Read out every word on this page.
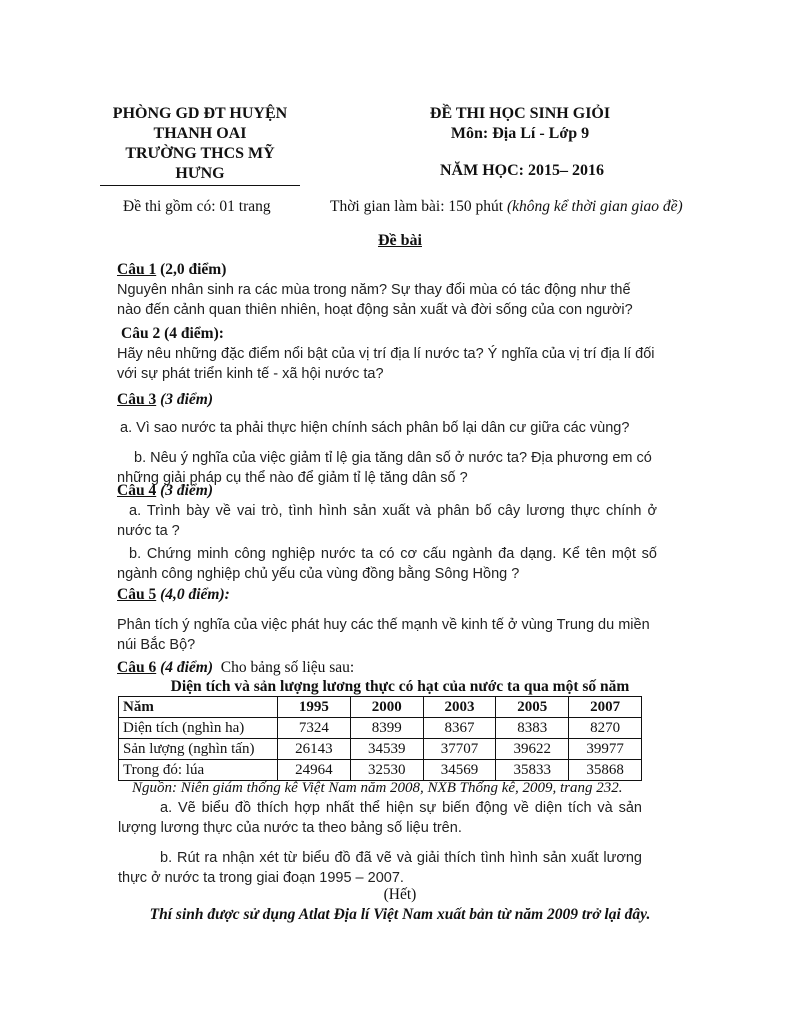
PHÒNG GD ĐT HUYỆN
THANH OAI
TRƯỜNG THCS MỸ HƯNG
ĐỀ THI HỌC SINH GIỎI
Môn: Địa Lí - Lớp 9
NĂM HỌC: 2015– 2016
Đề thi gồm có: 01 trang	Thời gian làm bài: 150 phút (không kể thời gian giao đề)
Đề bài
Câu 1 (2,0 điểm)

Nguyên nhân sinh ra các mùa trong năm? Sự thay đổi mùa có tác động như thế nào đến cảnh quan thiên nhiên, hoạt động sản xuất và đời sống của con người?

Câu 2 (4 điểm):

Hãy nêu những đặc điểm nổi bật của vị trí địa lí nước ta? Ý nghĩa của vị trí địa lí đối với sự phát triển kinh tế - xã hội nước ta?

Câu 3 (3 điểm)

a. Vì sao nước ta phải thực hiện chính sách phân bố lại dân cư giữa các vùng?

b. Nêu ý nghĩa của việc giảm tỉ lệ gia tăng dân số ở nước ta? Địa phương em có những giải pháp cụ thể nào để giảm tỉ lệ tăng dân số ?

Câu 4 (3 điểm)

a. Trình bày về vai trò, tình hình sản xuất và phân bố cây lương thực chính ở nước ta ?

b. Chứng minh công nghiệp nước ta có cơ cấu ngành đa dạng. Kể tên một số ngành công nghiệp chủ yếu của vùng đồng bằng Sông Hồng ?

Câu 5 (4,0 điểm):

Phân tích ý nghĩa của việc phát huy các thế mạnh về kinh tế ở vùng Trung du miền núi Bắc Bộ?

Câu 6 (4 điểm) Cho bảng số liệu sau:
Diện tích và sản lượng lương thực có hạt của nước ta qua một số năm
Năm	1995	2000	2003	2005	2007
Diện tích (nghìn ha)	7324	8399	8367	8383	8270
Sản lượng (nghìn tấn)	26143	34539	37707	39622	39977
Trong đó: lúa	24964	32530	34569	35833	35868
Nguồn: Niên giám thống kê Việt Nam năm 2008, NXB Thống kê, 2009, trang 232.

a. Vẽ biểu đồ thích hợp nhất thể hiện sự biến động về diện tích và sản lượng lương thực của nước ta theo bảng số liệu trên.

b. Rút ra nhận xét từ biểu đồ đã vẽ và giải thích tình hình sản xuất lương thực ở nước ta trong giai đoạn 1995 – 2007.

(Hết)
Thí sinh được sử dụng Atlat Địa lí Việt Nam xuất bản từ năm 2009 trở lại đây.
